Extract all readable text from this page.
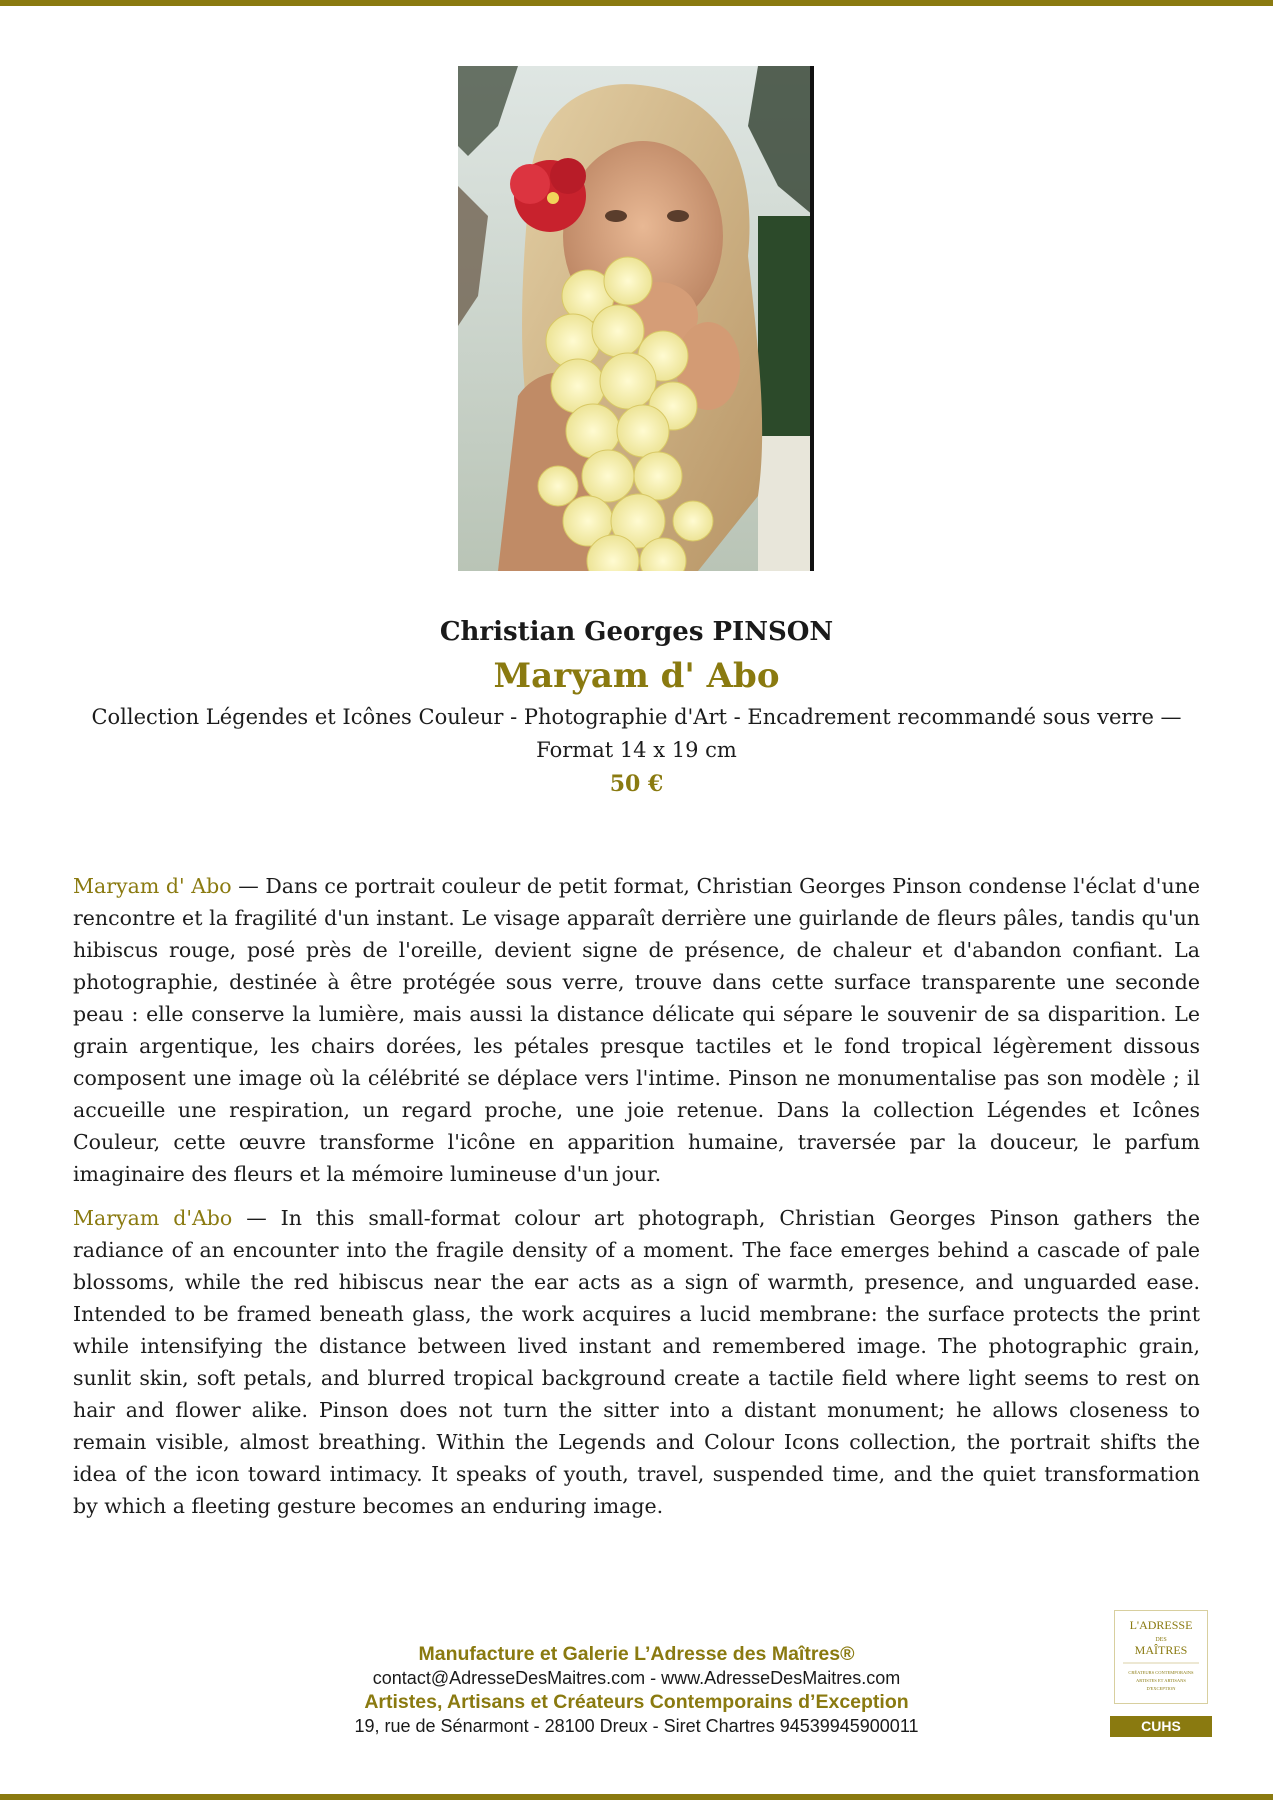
Christian Georges PINSON
Maryam d' Abo
Collection Légendes et Icônes Couleur - Photographie d'Art - Encadrement recommandé sous verre — Format 14 x 19 cm
50 €

Maryam d' Abo — Dans ce portrait couleur de petit format, Christian Georges Pinson condense l'éclat d'une rencontre et la fragilité d'un instant. Le visage apparaît derrière une guirlande de fleurs pâles, tandis qu'un hibiscus rouge, posé près de l'oreille, devient signe de présence, de chaleur et d'abandon confiant. La photographie, destinée à être protégée sous verre, trouve dans cette surface transparente une seconde peau : elle conserve la lumière, mais aussi la distance délicate qui sépare le souvenir de sa disparition. Le grain argentique, les chairs dorées, les pétales presque tactiles et le fond tropical légèrement dissous composent une image où la célébrité se déplace vers l'intime. Pinson ne monumentalise pas son modèle ; il accueille une respiration, un regard proche, une joie retenue. Dans la collection Légendes et Icônes Couleur, cette œuvre transforme l'icône en apparition humaine, traversée par la douceur, le parfum imaginaire des fleurs et la mémoire lumineuse d'un jour.

Maryam d'Abo — In this small-format colour art photograph, Christian Georges Pinson gathers the radiance of an encounter into the fragile density of a moment. The face emerges behind a cascade of pale blossoms, while the red hibiscus near the ear acts as a sign of warmth, presence, and unguarded ease. Intended to be framed beneath glass, the work acquires a lucid membrane: the surface protects the print while intensifying the distance between lived instant and remembered image. The photographic grain, sunlit skin, soft petals, and blurred tropical background create a tactile field where light seems to rest on hair and flower alike. Pinson does not turn the sitter into a distant monument; he allows closeness to remain visible, almost breathing. Within the Legends and Colour Icons collection, the portrait shifts the idea of the icon toward intimacy. It speaks of youth, travel, suspended time, and the quiet transformation by which a fleeting gesture becomes an enduring image.

Manufacture et Galerie L’Adresse des Maîtres®
contact@AdresseDesMaitres.com - www.AdresseDesMaitres.com
Artistes, Artisans et Créateurs Contemporains d’Exception
19, rue de Sénarmont - 28100 Dreux - Siret Chartres 94539945900011
L'ADRESSE
DES
MAÎTRES
CRÉATEURS CONTEMPORAINS
ARTISTES ET ARTISANS
D'EXCEPTION
CUHS
